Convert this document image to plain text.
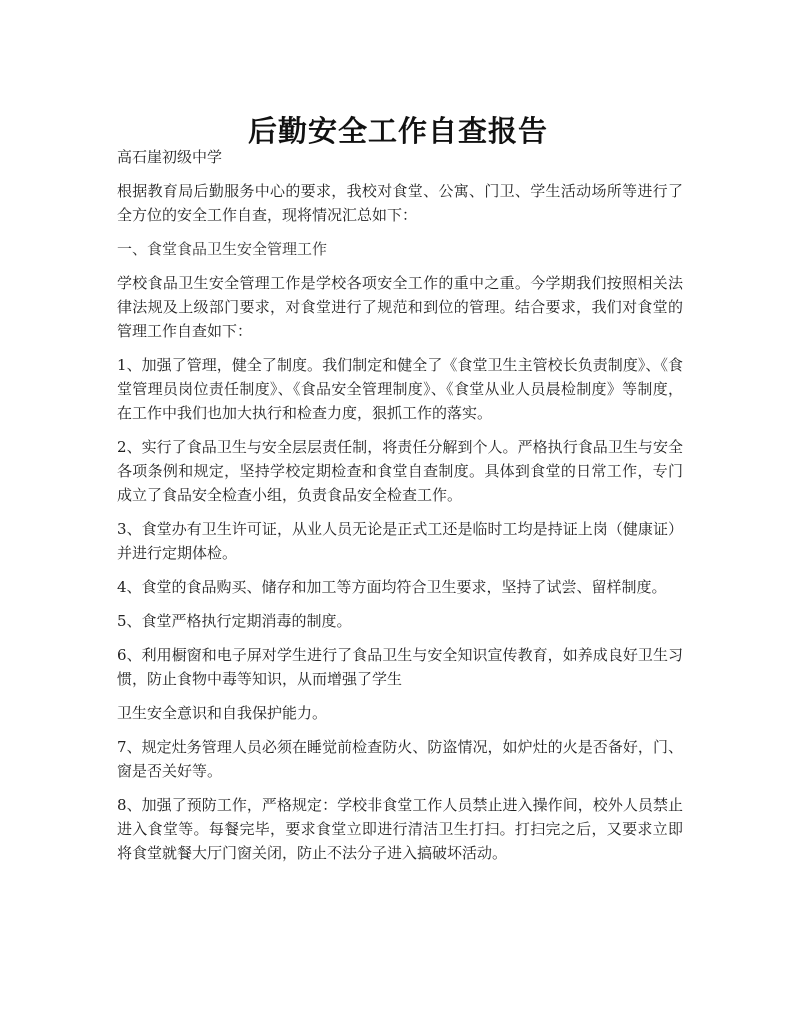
后勤安全工作自查报告

高石崖初级中学

根据教育局后勤服务中心的要求，我校对食堂、公寓、门卫、学生活动场所等进行了全方位的安全工作自查，现将情况汇总如下：

一、食堂食品卫生安全管理工作

学校食品卫生安全管理工作是学校各项安全工作的重中之重。今学期我们按照相关法律法规及上级部门要求，对食堂进行了规范和到位的管理。结合要求，我们对食堂的管理工作自查如下：

1、加强了管理，健全了制度。我们制定和健全了《食堂卫生主管校长负责制度》、《食堂管理员岗位责任制度》、《食品安全管理制度》、《食堂从业人员晨检制度》等制度，在工作中我们也加大执行和检查力度，狠抓工作的落实。

2、实行了食品卫生与安全层层责任制，将责任分解到个人。严格执行食品卫生与安全各项条例和规定，坚持学校定期检查和食堂自查制度。具体到食堂的日常工作，专门成立了食品安全检查小组，负责食品安全检查工作。

3、食堂办有卫生许可证，从业人员无论是正式工还是临时工均是持证上岗（健康证）并进行定期体检。

4、食堂的食品购买、储存和加工等方面均符合卫生要求，坚持了试尝、留样制度。

5、食堂严格执行定期消毒的制度。

6、利用橱窗和电子屏对学生进行了食品卫生与安全知识宣传教育，如养成良好卫生习惯，防止食物中毒等知识，从而增强了学生

卫生安全意识和自我保护能力。

7、规定灶务管理人员必须在睡觉前检查防火、防盗情况，如炉灶的火是否备好，门、窗是否关好等。

8、加强了预防工作，严格规定：学校非食堂工作人员禁止进入操作间，校外人员禁止进入食堂等。每餐完毕，要求食堂立即进行清洁卫生打扫。打扫完之后，又要求立即将食堂就餐大厅门窗关闭，防止不法分子进入搞破坏活动。
